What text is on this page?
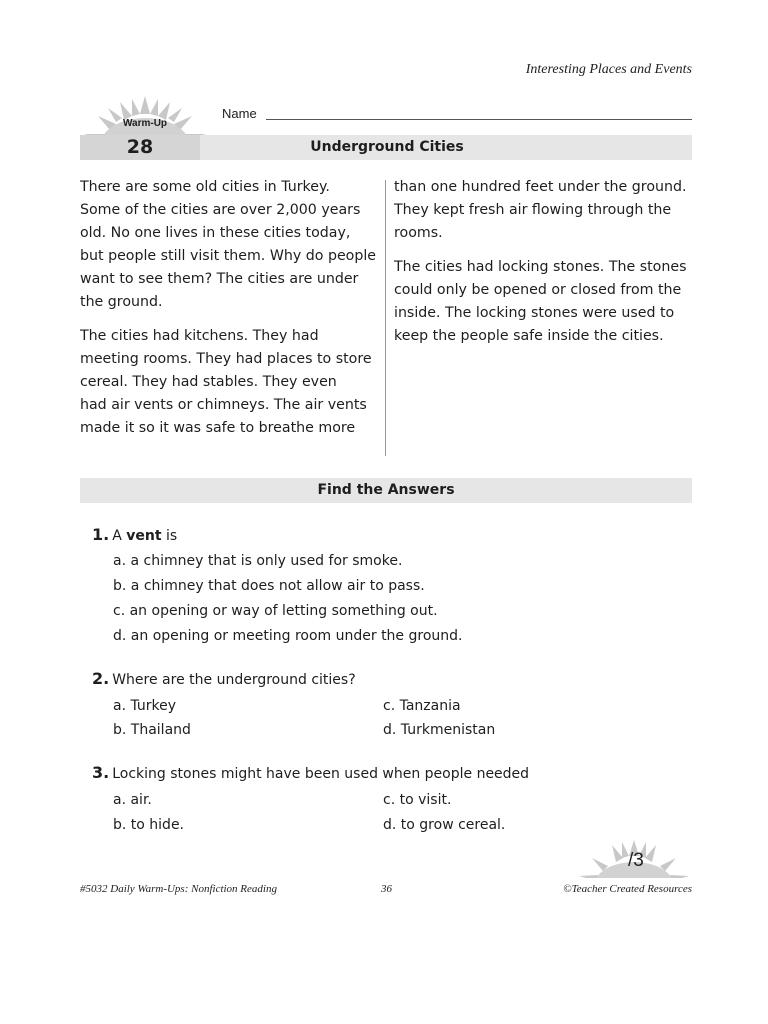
Interesting Places and Events
Warm-Up
Name
28	Underground Cities

There are some old cities in Turkey.
Some of the cities are over 2,000 years
old. No one lives in these cities today,
but people still visit them. Why do people
want to see them? The cities are under
the ground.

The cities had kitchens. They had
meeting rooms. They had places to store
cereal. They had stables. They even
had air vents or chimneys. The air vents
made it so it was safe to breathe more

than one hundred feet under the ground.
They kept fresh air flowing through the
rooms.

The cities had locking stones. The stones
could only be opened or closed from the
inside. The locking stones were used to
keep the people safe inside the cities.

Find the Answers
1. A vent is
a. a chimney that is only used for smoke.
b. a chimney that does not allow air to pass.
c. an opening or way of letting something out.
d. an opening or meeting room under the ground.
2. Where are the underground cities?
a. Turkey	c. Tanzania
b. Thailand	d. Turkmenistan
3. Locking stones might have been used when people needed
a. air.	c. to visit.
b. to hide.	d. to grow cereal.
/3
#5032 Daily Warm-Ups: Nonfiction Reading	36	©Teacher Created Resources
